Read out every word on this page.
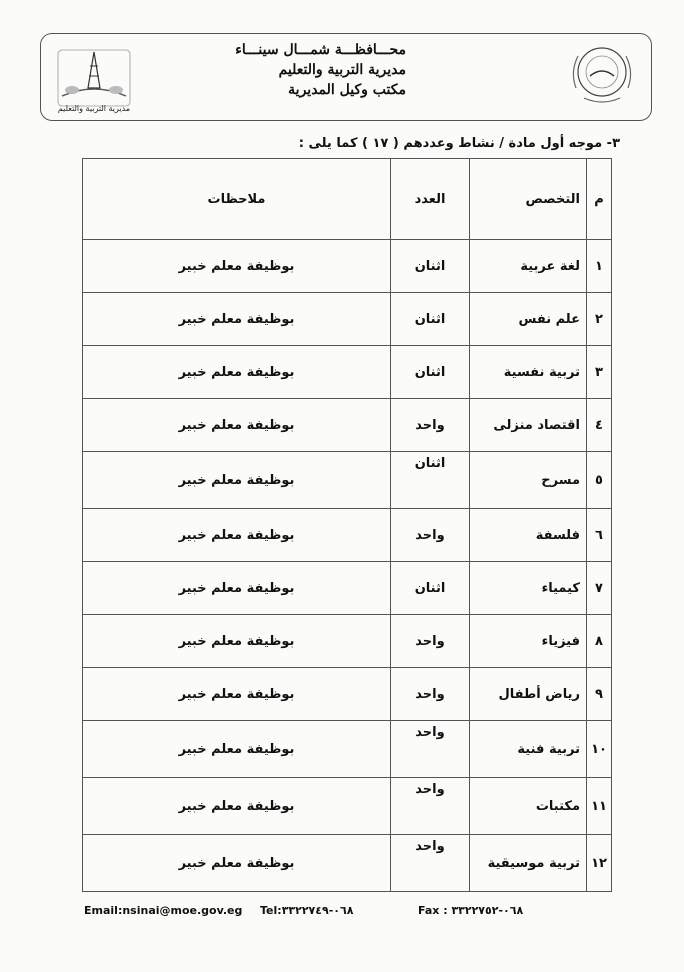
مديرية التربية والتعليم
محـــافظـــة شمـــال سينـــاء
مديرية التربية والتعليم
مكتب وكيل المديرية
٣- موجه أول مادة / نشاط وعددهم ( ١٧ ) كما يلى :
م	التخصص	العدد	ملاحظات
١	لغة عربية	اثنان	بوظيفة معلم خبير
٢	علم نفس	اثنان	بوظيفة معلم خبير
٣	تربية نفسية	اثنان	بوظيفة معلم خبير
٤	اقتصاد منزلى	واحد	بوظيفة معلم خبير
٥	مسرح	اثنان	بوظيفة معلم خبير
٦	فلسفة	واحد	بوظيفة معلم خبير
٧	كيمياء	اثنان	بوظيفة معلم خبير
٨	فيزياء	واحد	بوظيفة معلم خبير
٩	رياض أطفال	واحد	بوظيفة معلم خبير
١٠	تربية فنية	واحد	بوظيفة معلم خبير
١١	مكتبات	واحد	بوظيفة معلم خبير
١٢	تربية موسيقية	واحد	بوظيفة معلم خبير
Email:nsinai@moe.gov.eg Tel:٠٦٨-٣٣٢٢٧٤٩	Fax : ٠٦٨-٣٣٢٢٧٥٢
